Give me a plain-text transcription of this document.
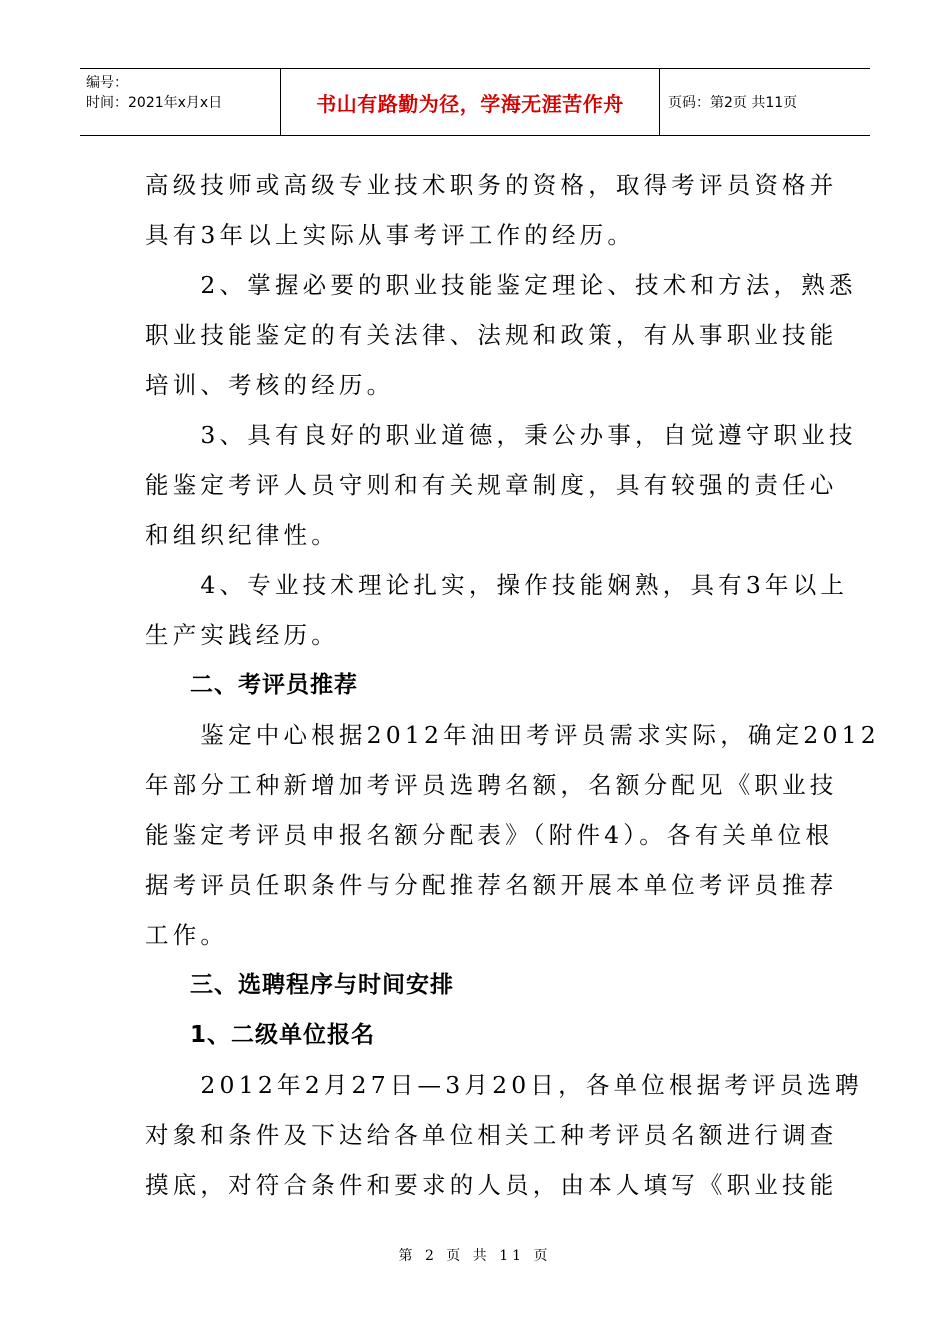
编号：
时间：2021年x月x日	书山有路勤为径，学海无涯苦作舟	页码：第2页 共11页
高级技师或高级专业技术职务的资格，取得考评员资格并
具有3年以上实际从事考评工作的经历。
　　2、掌握必要的职业技能鉴定理论、技术和方法，熟悉
职业技能鉴定的有关法律、法规和政策，有从事职业技能
培训、考核的经历。
　　3、具有良好的职业道德，秉公办事，自觉遵守职业技
能鉴定考评人员守则和有关规章制度，具有较强的责任心
和组织纪律性。
　　4、专业技术理论扎实，操作技能娴熟，具有3年以上
生产实践经历。
二、考评员推荐
　　鉴定中心根据2012年油田考评员需求实际，确定2012
年部分工种新增加考评员选聘名额，名额分配见《职业技
能鉴定考评员申报名额分配表》（附件4）。各有关单位根
据考评员任职条件与分配推荐名额开展本单位考评员推荐
工作。
三、选聘程序与时间安排
1、二级单位报名
　　2012年2月27日—3月20日，各单位根据考评员选聘
对象和条件及下达给各单位相关工种考评员名额进行调查
摸底，对符合条件和要求的人员，由本人填写《职业技能
第 2 页 共 11 页
